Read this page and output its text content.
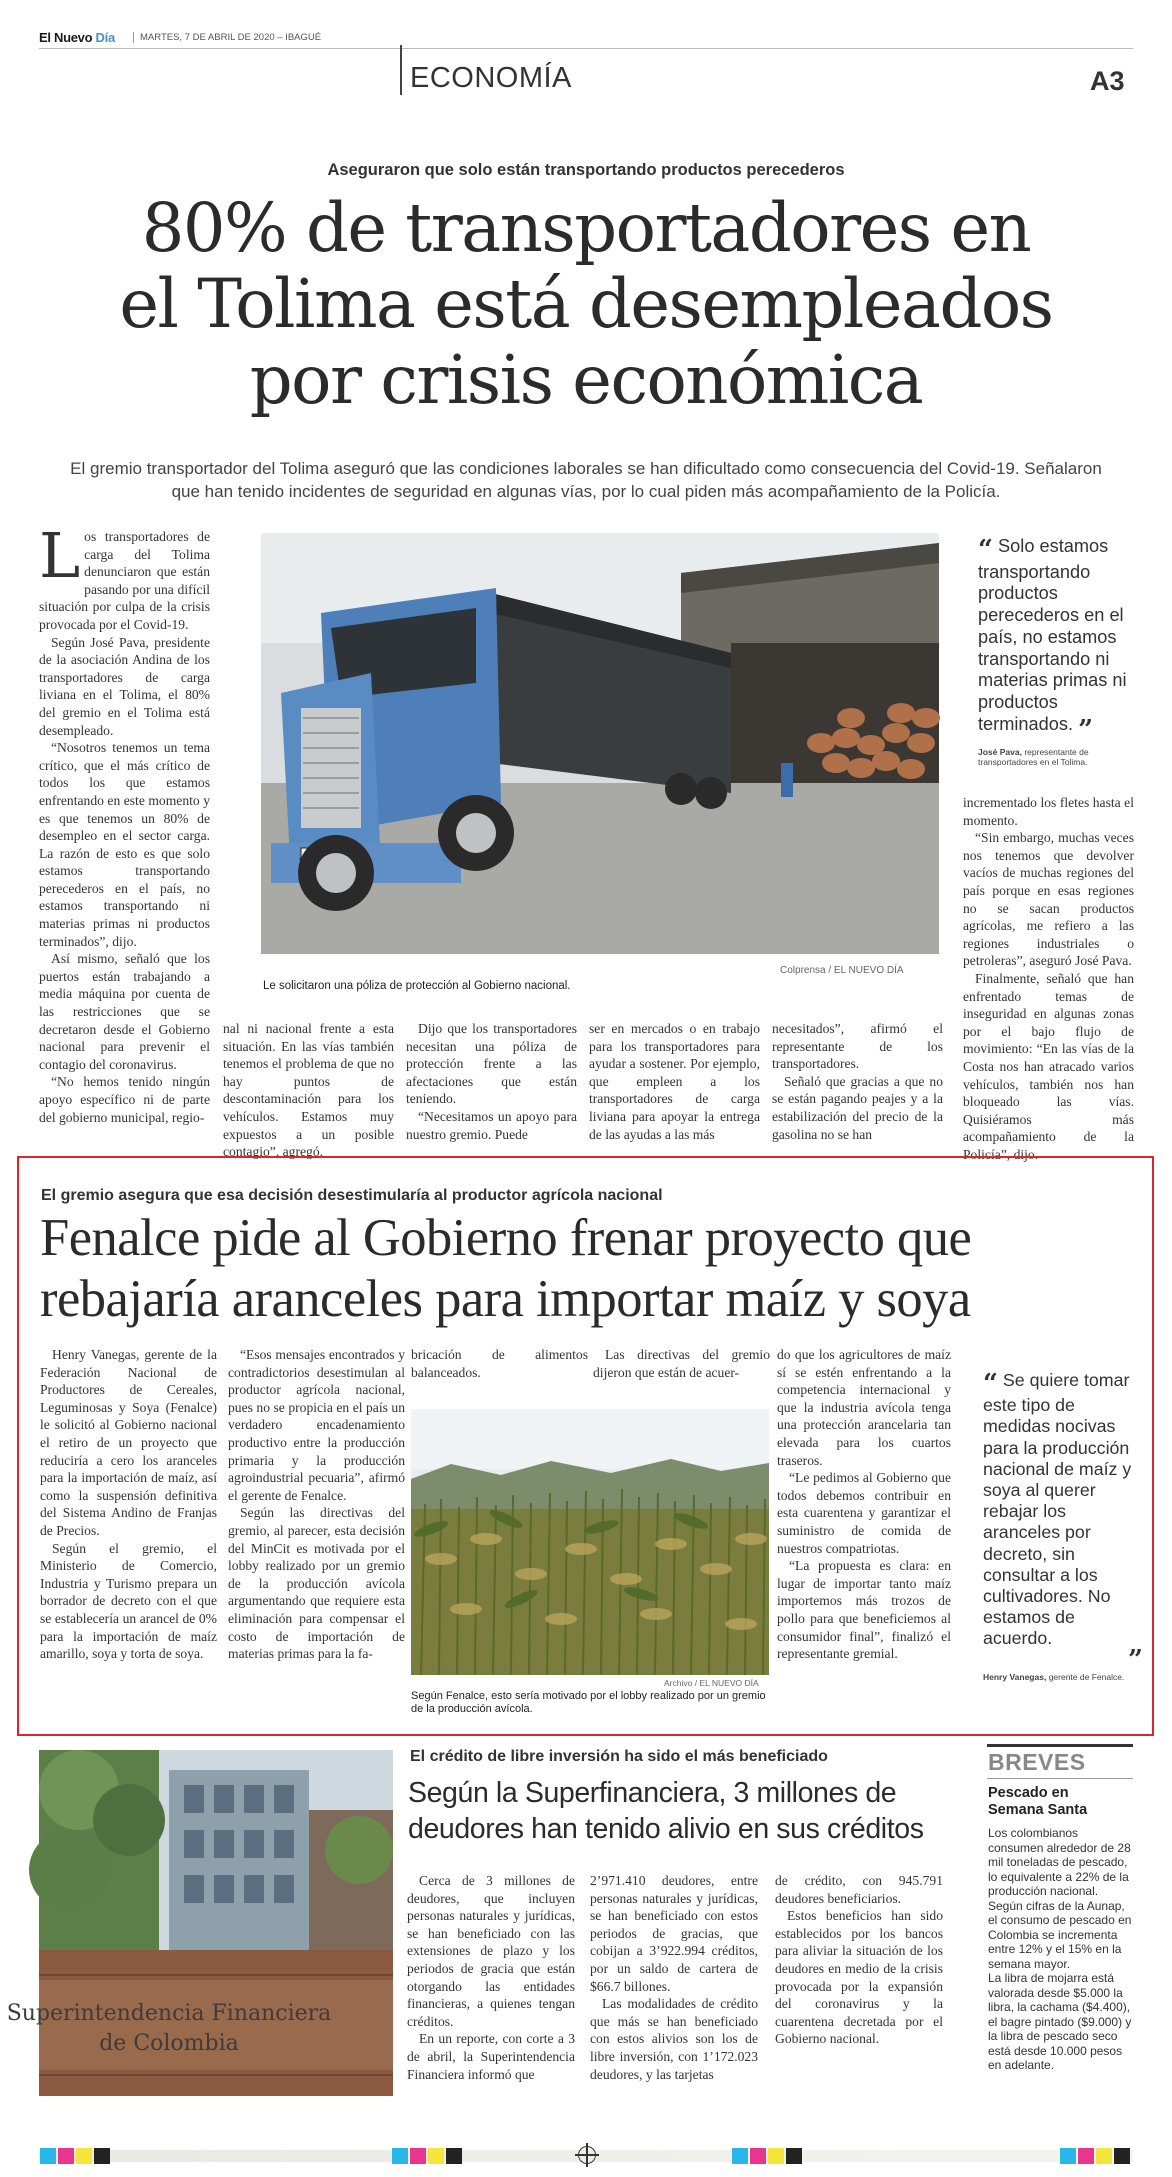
El Nuevo Día	MARTES, 7 DE ABRIL DE 2020 – IBAGUÉ
ECONOMÍA	A3
Aseguraron que solo están transportando productos perecederos
80% de transportadores en
el Tolima está desempleados
por crisis económica
El gremio transportador del Tolima aseguró que las condiciones laborales se han dificultado como consecuencia del Covid-19. Señalaron
que han tenido incidentes de seguridad en algunas vías, por lo cual piden más acompañamiento de la Policía.
L os transportadores de carga del Tolima denunciaron que están pasando por una difícil situación por culpa de la crisis provocada por el Covid-19.

Según José Pava, presidente de la asociación Andina de los transportadores de carga liviana en el Tolima, el 80% del gremio en el Tolima está desempleado.

“Nosotros tenemos un tema crítico, que el más crítico de todos los que estamos enfrentando en este momento y es que tenemos un 80% de desempleo en el sector carga. La razón de esto es que solo estamos transportando perecederos en el país, no estamos transportando ni materias primas ni productos terminados”, dijo.

Así mismo, señaló que los puertos están trabajando a media máquina por cuenta de las restricciones que se decretaron desde el Gobierno nacional para prevenir el contagio del coronavirus.

“No hemos tenido ningún apoyo específico ni de parte del gobierno municipal, regio-

Le solicitaron una póliza de protección al Gobierno nacional.
Colprensa / EL NUEVO DÍA
nal ni nacional frente a esta situación. En las vías también tenemos el problema de que no hay puntos de descontaminación para los vehículos. Estamos muy expuestos a un posible contagio”, agregó.
Dijo que los transportadores necesitan una póliza de protección frente a las afectaciones que están teniendo.

“Necesitamos un apoyo para nuestro gremio. Puede

ser en mercados o en trabajo para los transportadores para ayudar a sostener. Por ejemplo, que empleen a los transportadores de carga liviana para apoyar la entrega de las ayudas a las más
necesitados”, afirmó el representante de los transportadores.

Señaló que gracias a que no se están pagando peajes y a la estabilización del precio de la gasolina no se han

“ Solo estamos transportando productos perecederos en el país, no estamos transportando ni materias primas ni productos terminados. ”
José Pava, representante de transportadores en el Tolima.
incrementado los fletes hasta el momento.

“Sin embargo, muchas veces nos tenemos que devolver vacíos de muchas regiones del país porque en esas regiones no se sacan productos agrícolas, me refiero a las regiones industriales o petroleras”, aseguró José Pava.

Finalmente, señaló que han enfrentado temas de inseguridad en algunas zonas por el bajo flujo de movimiento: “En las vías de la Costa nos han atracado varios vehículos, también nos han bloqueado las vías. Quisiéramos más acompañamiento de la Policía”, dijo.

El gremio asegura que esa decisión desestimularía al productor agrícola nacional
Fenalce pide al Gobierno frenar proyecto que
rebajaría aranceles para importar maíz y soya
Henry Vanegas, gerente de la Federación Nacional de Productores de Cereales, Leguminosas y Soya (Fenalce) le solicitó al Gobierno nacional el retiro de un proyecto que reduciría a cero los aranceles para la importación de maíz, así como la suspensión definitiva del Sistema Andino de Franjas de Precios.

Según el gremio, el Ministerio de Comercio, Industria y Turismo prepara un borrador de decreto con el que se establecería un arancel de 0% para la importación de maíz amarillo, soya y torta de soya.

“Esos mensajes encontrados y contradictorios desestimulan al productor agrícola nacional, pues no se propicia en el país un verdadero encadenamiento productivo entre la producción primaria y la producción agroindustrial pecuaria”, afirmó el gerente de Fenalce.

Según las directivas del gremio, al parecer, esta decisión del MinCit es motivada por el lobby realizado por un gremio de la producción avícola argumentando que requiere esta eliminación para compensar el costo de importación de materias primas para la fa-

bricación de alimentos balanceados.
Las directivas del gremio dijeron que están de acuer-
Archivo / EL NUEVO DÍA
Según Fenalce, esto sería motivado por el lobby realizado por un gremio de la producción avícola.
do que los agricultores de maíz sí se estén enfrentando a la competencia internacional y que la industria avícola tenga una protección arancelaria tan elevada para los cuartos traseros.

“Le pedimos al Gobierno que todos debemos contribuir en esta cuarentena y garantizar el suministro de comida de nuestros compatriotas.

“La propuesta es clara: en lugar de importar tanto maíz importemos más trozos de pollo para que beneficiemos al consumidor final”, finalizó el representante gremial.

“ Se quiere tomar este tipo de medidas nocivas para la producción nacional de maíz y soya al querer rebajar los aranceles por decreto, sin consultar a los cultivadores. No estamos de acuerdo.
”
Henry Vanegas, gerente de Fenalce.
Superintendencia Financiera
de Colombia
El crédito de libre inversión ha sido el más beneficiado
Según la Superfinanciera, 3 millones de
deudores han tenido alivio en sus créditos
Cerca de 3 millones de deudores, que incluyen personas naturales y jurídicas, se han beneficiado con las extensiones de plazo y los periodos de gracia que están otorgando las entidades financieras, a quienes tengan créditos.

En un reporte, con corte a 3 de abril, la Superintendencia Financiera informó que

2’971.410 deudores, entre personas naturales y jurídicas, se han beneficiado con estos periodos de gracias, que cobijan a 3’922.994 créditos, por un saldo de cartera de $66.7 billones.

Las modalidades de crédito que más se han beneficiado con estos alivios son los de libre inversión, con 1’172.023 deudores, y las tarjetas

de crédito, con 945.791 deudores beneficiarios.

Estos beneficios han sido establecidos por los bancos para aliviar la situación de los deudores en medio de la crisis provocada por la expansión del coronavirus y la cuarentena decretada por el Gobierno nacional.

BREVES
Pescado en Semana Santa
Los colombianos consumen alrededor de 28 mil toneladas de pescado, lo equivalente a 22% de la producción nacional. Según cifras de la Aunap, el consumo de pescado en Colombia se incrementa entre 12% y el 15% en la semana mayor.
La libra de mojarra está valorada desde $5.000 la libra, la cachama ($4.400), el bagre pintado ($9.000) y la libra de pescado seco está desde 10.000 pesos en adelante.
